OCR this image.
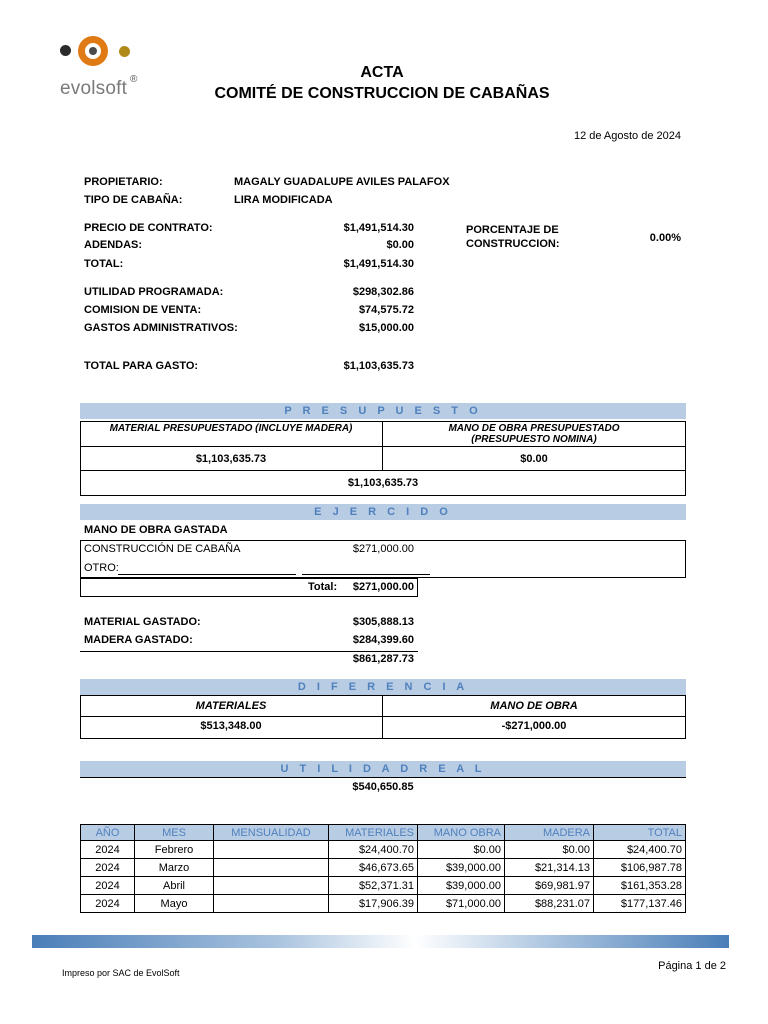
evolsoft ®	ACTA
COMITÉ DE CONSTRUCCION DE CABAÑAS
12 de Agosto de 2024
PROPIETARIO:	MAGALY GUADALUPE AVILES PALAFOX
TIPO DE CABAÑA:	LIRA MODIFICADA
PRECIO DE CONTRATO:	$1,491,514.30
ADENDAS:	$0.00
TOTAL:	$1,491,514.30
PORCENTAJE DE
CONSTRUCCION:	0.00%
UTILIDAD PROGRAMADA:	$298,302.86
COMISION DE VENTA:	$74,575.72
GASTOS ADMINISTRATIVOS:	$15,000.00
TOTAL PARA GASTO:	$1,103,635.73
P R E S U P U E S T O
MATERIAL PRESUPUESTADO (INCLUYE MADERA)	MANO DE OBRA PRESUPUESTADO
(PRESUPUESTO NOMINA)
$1,103,635.73	$0.00
$1,103,635.73
E J E R C I D O
MANO DE OBRA GASTADA
CONSTRUCCIÓN DE CABAÑA	$271,000.00
OTRO:
Total:	$271,000.00
MATERIAL GASTADO:	$305,888.13
MADERA GASTADO:	$284,399.60
$861,287.73
D I F E R E N C I A
MATERIALES	MANO DE OBRA
$513,348.00	-$271,000.00
U T I L I D A D R E A L
$540,650.85
AÑO	MES	MENSUALIDAD	MATERIALES	MANO OBRA	MADERA	TOTAL
2024	Febrero		$24,400.70	$0.00	$0.00	$24,400.70
2024	Marzo		$46,673.65	$39,000.00	$21,314.13	$106,987.78
2024	Abril		$52,371.31	$39,000.00	$69,981.97	$161,353.28
2024	Mayo		$17,906.39	$71,000.00	$88,231.07	$177,137.46
Impreso por SAC de EvolSoft
Página 1 de 2
